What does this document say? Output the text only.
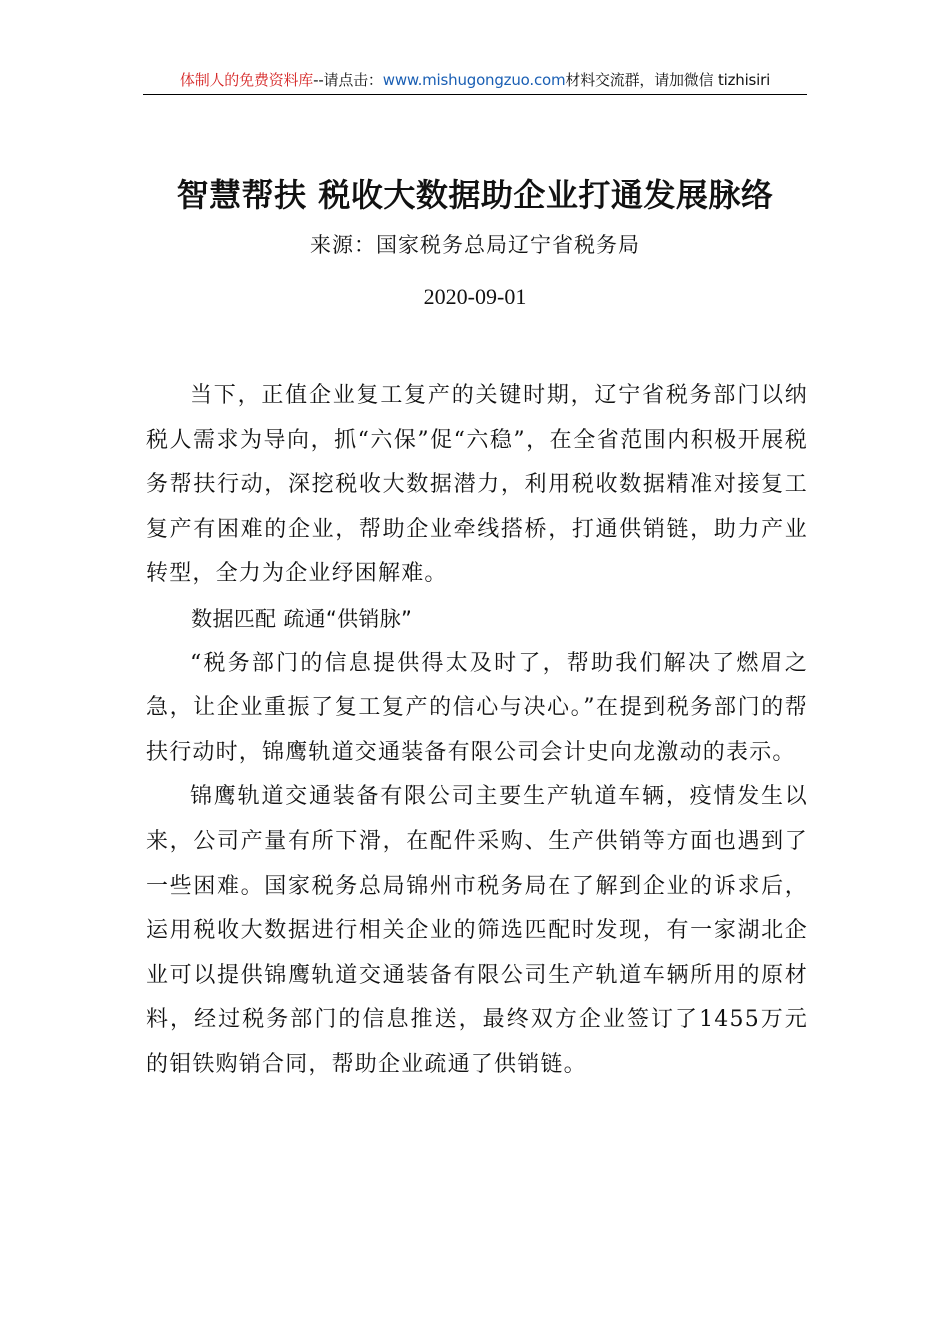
体制人的免费资料库--请点击：www.mishugongzuo.com材料交流群，请加微信 tizhisiri
智慧帮扶 税收大数据助企业打通发展脉络
来源：国家税务总局辽宁省税务局
2020-09-01

当下，正值企业复工复产的关键时期，辽宁省税务部门以纳税人需求为导向，抓“六保”促“六稳”，在全省范围内积极开展税务帮扶行动，深挖税收大数据潜力，利用税收数据精准对接复工复产有困难的企业，帮助企业牵线搭桥，打通供销链，助力产业转型，全力为企业纾困解难。

数据匹配 疏通“供销脉”

“税务部门的信息提供得太及时了，帮助我们解决了燃眉之急，让企业重振了复工复产的信心与决心。”在提到税务部门的帮扶行动时，锦鹰轨道交通装备有限公司会计史向龙激动的表示。

锦鹰轨道交通装备有限公司主要生产轨道车辆，疫情发生以来，公司产量有所下滑，在配件采购、生产供销等方面也遇到了一些困难。国家税务总局锦州市税务局在了解到企业的诉求后，运用税收大数据进行相关企业的筛选匹配时发现，有一家湖北企业可以提供锦鹰轨道交通装备有限公司生产轨道车辆所用的原材料，经过税务部门的信息推送，最终双方企业签订了1455万元的钼铁购销合同，帮助企业疏通了供销链。
